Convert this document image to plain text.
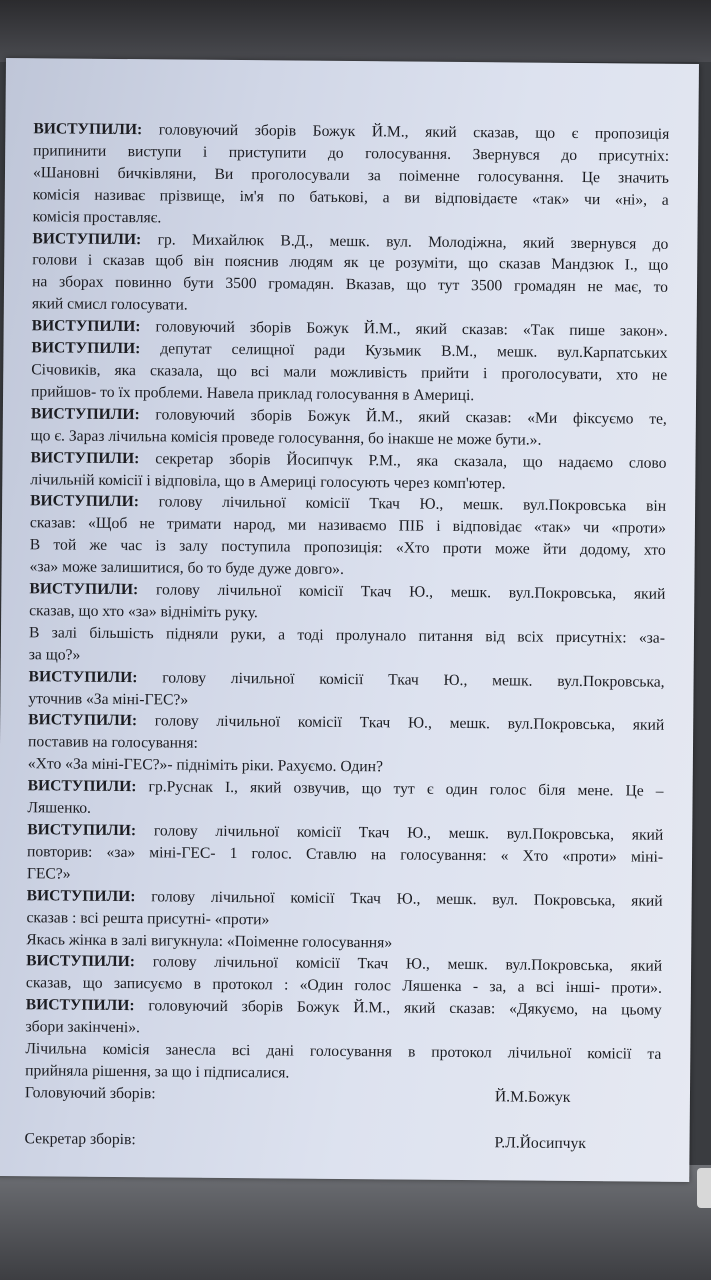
ВИСТУПИЛИ: головуючий зборів Божук Й.М., який сказав, що є пропозиція
припинити виступи і приступити до голосування. Звернувся до присутніх:
«Шановні бичківляни, Ви проголосували за поіменне голосування. Це значить
комісія називає прізвище, ім'я по батькові, а ви відповідаєте «так» чи «ні», а
комісія проставляє.
ВИСТУПИЛИ: гр. Михайлюк В.Д., мешк. вул. Молодіжна, який звернувся до
голови і сказав щоб він пояснив людям як це розуміти, що сказав Мандзюк І., що
на зборах повинно бути 3500 громадян. Вказав, що тут 3500 громадян не має, то
який смисл голосувати.
ВИСТУПИЛИ: головуючий зборів Божук Й.М., який сказав: «Так пише закон».
ВИСТУПИЛИ: депутат селищної ради Кузьмик В.М., мешк. вул.Карпатських
Січовиків, яка сказала, що всі мали можливість прийти і проголосувати, хто не
прийшов- то їх проблеми. Навела приклад голосування в Америці.
ВИСТУПИЛИ: головуючий зборів Божук Й.М., який сказав: «Ми фіксуємо те,
що є. Зараз лічильна комісія проведе голосування, бо інакше не може бути.».
ВИСТУПИЛИ: секретар зборів Йосипчук Р.М., яка сказала, що надаємо слово
лічильній комісії і відповіла, що в Америці голосують через комп'ютер.
ВИСТУПИЛИ: голову лічильної комісії Ткач Ю., мешк. вул.Покровська він
сказав: «Щоб не тримати народ, ми називаємо ПІБ і відповідає «так» чи «проти»
В той же час із залу поступила пропозиція: «Хто проти може йти додому, хто
«за» може залишитися, бо то буде дуже довго».
ВИСТУПИЛИ: голову лічильної комісії Ткач Ю., мешк. вул.Покровська, який
сказав, що хто «за» відніміть руку.
В залі більшість підняли руки, а тоді пролунало питання від всіх присутніх: «за-
за що?»
ВИСТУПИЛИ: голову лічильної комісії Ткач Ю., мешк. вул.Покровська,
уточнив «За міні-ГЕС?»
ВИСТУПИЛИ: голову лічильної комісії Ткач Ю., мешк. вул.Покровська, який
поставив на голосування:
«Хто «За міні-ГЕС?»- підніміть ріки. Рахуємо. Один?
ВИСТУПИЛИ: гр.Руснак І., який озвучив, що тут є один голос біля мене. Це –
Ляшенко.
ВИСТУПИЛИ: голову лічильної комісії Ткач Ю., мешк. вул.Покровська, який
повторив: «за» міні-ГЕС- 1 голос. Ставлю на голосування: « Хто «проти» міні-
ГЕС?»
ВИСТУПИЛИ: голову лічильної комісії Ткач Ю., мешк. вул. Покровська, який
сказав : всі решта присутні- «проти»
Якась жінка в залі вигукнула: «Поіменне голосування»
ВИСТУПИЛИ: голову лічильної комісії Ткач Ю., мешк. вул.Покровська, який
сказав, що записуємо в протокол : «Один голос Ляшенка - за, а всі інші- проти».
ВИСТУПИЛИ: головуючий зборів Божук Й.М., який сказав: «Дякуємо, на цьому
збори закінчені».
Лічильна комісія занесла всі дані голосування в протокол лічильної комісії та
прийняла рішення, за що і підписалися.
Головуючий зборів:	Й.М.Божук
Секретар зборів:	Р.Л.Йосипчук
